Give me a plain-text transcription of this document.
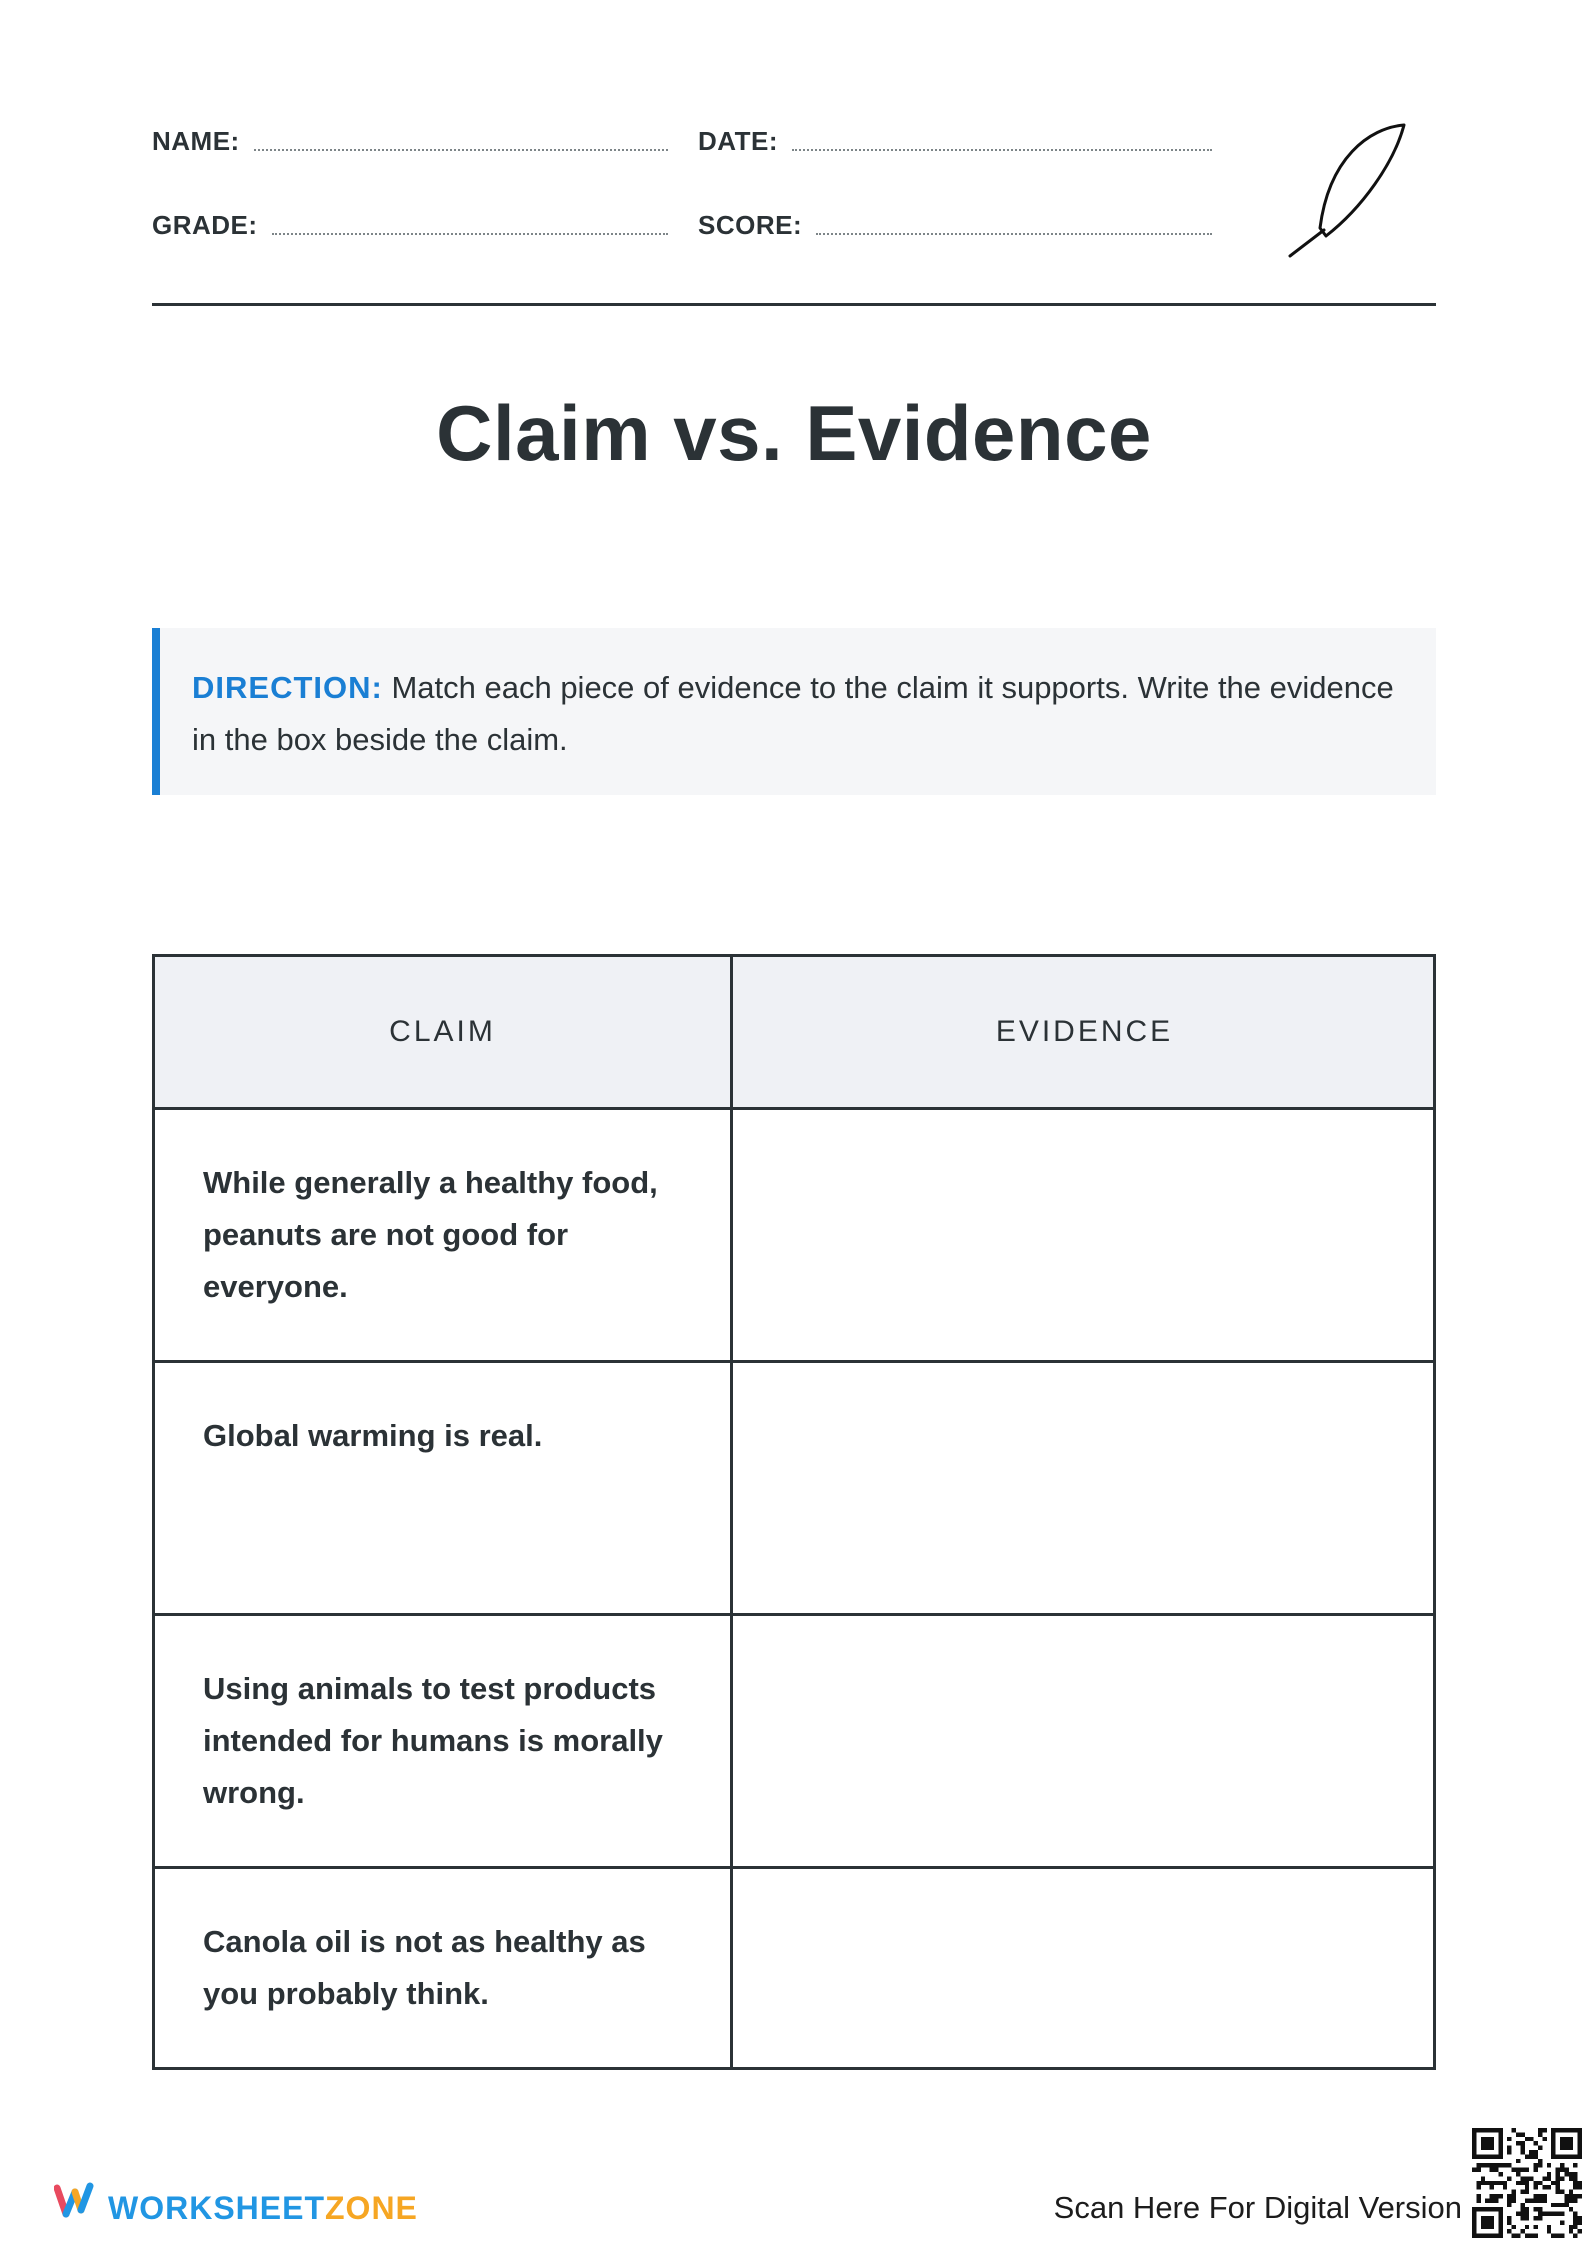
NAME:	DATE:
GRADE:	SCORE:
Claim vs. Evidence
DIRECTION: Match each piece of evidence to the claim it supports. Write the evidence in the box beside the claim.
CLAIM	EVIDENCE
While generally a healthy food, peanuts are not good for everyone.
Global warming is real.
Using animals to test products intended for humans is morally wrong.
Canola oil is not as healthy as you probably think.
WORKSHEETZONE	Scan Here For Digital Version
